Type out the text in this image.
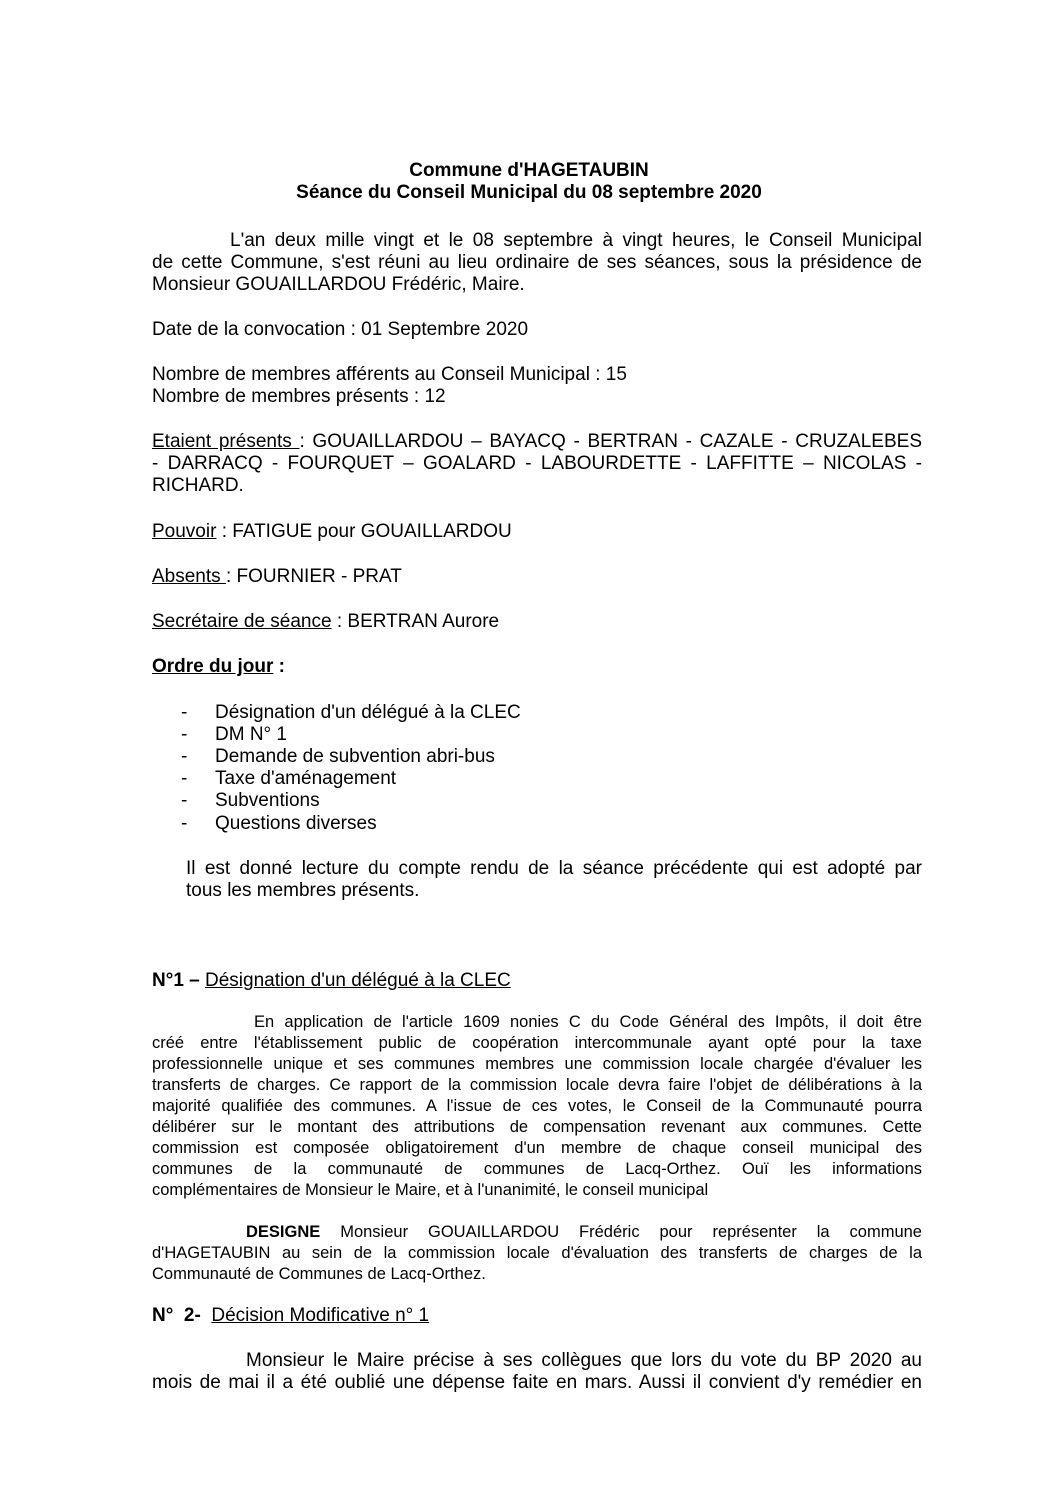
Commune d'HAGETAUBIN
Séance du Conseil Municipal du 08 septembre 2020
L'an deux mille vingt et le 08 septembre à vingt heures, le Conseil Municipal
de cette Commune, s'est réuni au lieu ordinaire de ses séances, sous la présidence de
Monsieur GOUAILLARDOU Frédéric, Maire.
Date de la convocation : 01 Septembre 2020
Nombre de membres afférents au Conseil Municipal : 15
Nombre de membres présents : 12
Etaient présents : GOUAILLARDOU – BAYACQ - BERTRAN - CAZALE - CRUZALEBES
- DARRACQ - FOURQUET – GOALARD - LABOURDETTE - LAFFITTE – NICOLAS -
RICHARD.
Pouvoir : FATIGUE pour GOUAILLARDOU
Absents : FOURNIER - PRAT
Secrétaire de séance : BERTRAN Aurore
Ordre du jour :
- Désignation d'un délégué à la CLEC
- DM N° 1
- Demande de subvention abri-bus
- Taxe d'aménagement
- Subventions
- Questions diverses
Il est donné lecture du compte rendu de la séance précédente qui est adopté par
tous les membres présents.
N°1 – Désignation d'un délégué à la CLEC
En application de l'article 1609 nonies C du Code Général des Impôts, il doit être
créé entre l'établissement public de coopération intercommunale ayant opté pour la taxe
professionnelle unique et ses communes membres une commission locale chargée d'évaluer les
transferts de charges. Ce rapport de la commission locale devra faire l'objet de délibérations à la
majorité qualifiée des communes. A l'issue de ces votes, le Conseil de la Communauté pourra
délibérer sur le montant des attributions de compensation revenant aux communes. Cette
commission est composée obligatoirement d'un membre de chaque conseil municipal des
communes de la communauté de communes de Lacq-Orthez. Ouï les informations
complémentaires de Monsieur le Maire, et à l'unanimité, le conseil municipal
DESIGNE Monsieur GOUAILLARDOU Frédéric pour représenter la commune
d'HAGETAUBIN au sein de la commission locale d'évaluation des transferts de charges de la
Communauté de Communes de Lacq-Orthez.
N°  2-  Décision Modificative n° 1
Monsieur le Maire précise à ses collègues que lors du vote du BP 2020 au
mois de mai il a été oublié une dépense faite en mars. Aussi il convient d'y remédier en
